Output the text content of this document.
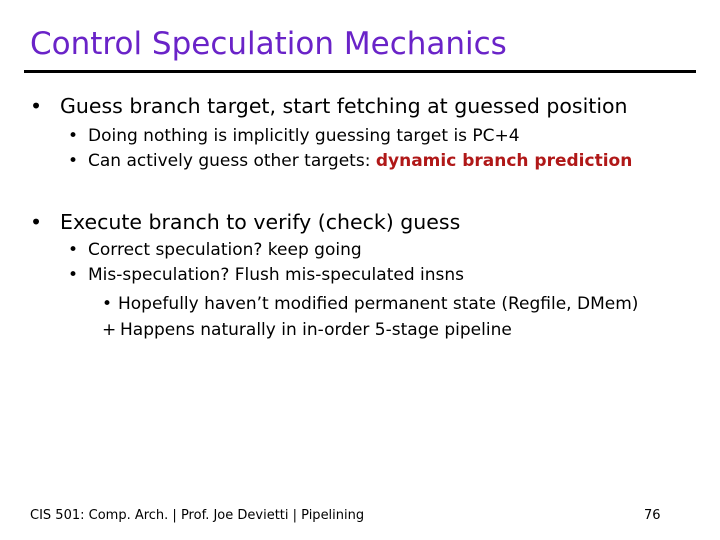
Control Speculation Mechanics
• Guess branch target, start fetching at guessed position
• Doing nothing is implicitly guessing target is PC+4
• Can actively guess other targets: dynamic branch prediction
• Execute branch to verify (check) guess
• Correct speculation? keep going
• Mis-speculation? Flush mis-speculated insns
• Hopefully haven’t modified permanent state (Regfile, DMem)
+ Happens naturally in in-order 5-stage pipeline
CIS 501: Comp. Arch. | Prof. Joe Devietti | Pipelining	76
